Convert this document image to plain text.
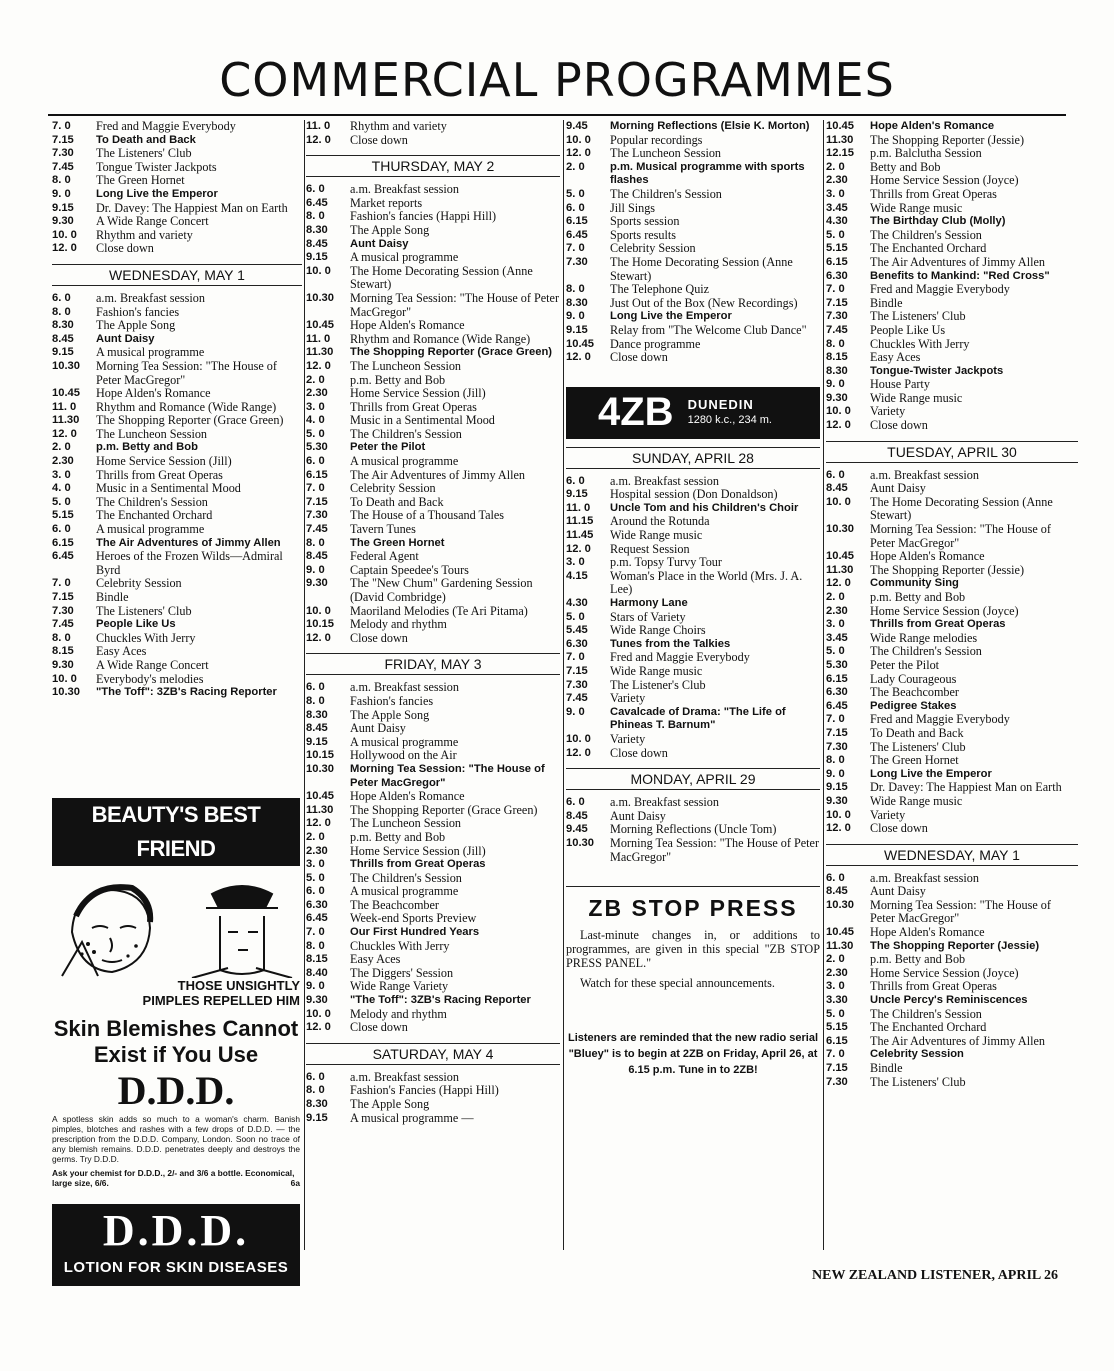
COMMERCIAL PROGRAMMES
7. 0	Fred and Maggie Everybody
7.15	To Death and Back
7.30	The Listeners' Club
7.45	Tongue Twister Jackpots
8. 0	The Green Hornet
9. 0	Long Live the Emperor
9.15	Dr. Davey: The Happiest Man on Earth
9.30	A Wide Range Concert
10. 0	Rhythm and variety
12. 0	Close down
WEDNESDAY, MAY 1
6. 0	a.m. Breakfast session
8. 0	Fashion's fancies
8.30	The Apple Song
8.45	Aunt Daisy
9.15	A musical programme
10.30	Morning Tea Session: "The House of Peter MacGregor"
10.45	Hope Alden's Romance
11. 0	Rhythm and Romance (Wide Range)
11.30	The Shopping Reporter (Grace Green)
12. 0	The Luncheon Session
2. 0	p.m. Betty and Bob
2.30	Home Service Session (Jill)
3. 0	Thrills from Great Operas
4. 0	Music in a Sentimental Mood
5. 0	The Children's Session
5.15	The Enchanted Orchard
6. 0	A musical programme
6.15	The Air Adventures of Jimmy Allen
6.45	Heroes of the Frozen Wilds—Admiral Byrd
7. 0	Celebrity Session
7.15	Bindle
7.30	The Listeners' Club
7.45	People Like Us
8. 0	Chuckles With Jerry
8.15	Easy Aces
9.30	A Wide Range Concert
10. 0	Everybody's melodies
10.30	"The Toff": 3ZB's Racing Reporter
BEAUTY'S BEST FRIEND
THOSE UNSIGHTLY
PIMPLES REPELLED HIM
Skin Blemishes Cannot
Exist if You Use
D.D.D.
A spotless skin adds so much to a woman's charm. Banish pimples, blotches and rashes with a few drops of D.D.D. — the prescription from the D.D.D. Company, London. Soon no trace of any blemish remains. D.D.D. penetrates deeply and destroys the germs. Try D.D.D.
Ask your chemist for D.D.D., 2/- and 3/6 a bottle. Economical, large size, 6/6.	6a
D.D.D.
LOTION FOR SKIN DISEASES
11. 0	Rhythm and variety
12. 0	Close down
THURSDAY, MAY 2
6. 0	a.m. Breakfast session
6.45	Market reports
8. 0	Fashion's fancies (Happi Hill)
8.30	The Apple Song
8.45	Aunt Daisy
9.15	A musical programme
10. 0	The Home Decorating Session (Anne Stewart)
10.30	Morning Tea Session: "The House of Peter MacGregor"
10.45	Hope Alden's Romance
11. 0	Rhythm and Romance (Wide Range)
11.30	The Shopping Reporter (Grace Green)
12. 0	The Luncheon Session
2. 0	p.m. Betty and Bob
2.30	Home Service Session (Jill)
3. 0	Thrills from Great Operas
4. 0	Music in a Sentimental Mood
5. 0	The Children's Session
5.30	Peter the Pilot
6. 0	A musical programme
6.15	The Air Adventures of Jimmy Allen
7. 0	Celebrity Session
7.15	To Death and Back
7.30	The House of a Thousand Tales
7.45	Tavern Tunes
8. 0	The Green Hornet
8.45	Federal Agent
9. 0	Captain Speedee's Tours
9.30	The "New Chum" Gardening Session (David Combridge)
10. 0	Maoriland Melodies (Te Ari Pitama)
10.15	Melody and rhythm
12. 0	Close down
FRIDAY, MAY 3
6. 0	a.m. Breakfast session
8. 0	Fashion's fancies
8.30	The Apple Song
8.45	Aunt Daisy
9.15	A musical programme
10.15	Hollywood on the Air
10.30	Morning Tea Session: "The House of Peter MacGregor"
10.45	Hope Alden's Romance
11.30	The Shopping Reporter (Grace Green)
12. 0	The Luncheon Session
2. 0	p.m. Betty and Bob
2.30	Home Service Session (Jill)
3. 0	Thrills from Great Operas
5. 0	The Children's Session
6. 0	A musical programme
6.30	The Beachcomber
6.45	Week-end Sports Preview
7. 0	Our First Hundred Years
8. 0	Chuckles With Jerry
8.15	Easy Aces
8.40	The Diggers' Session
9. 0	Wide Range Variety
9.30	"The Toff": 3ZB's Racing Reporter
10. 0	Melody and rhythm
12. 0	Close down
SATURDAY, MAY 4
6. 0	a.m. Breakfast session
8. 0	Fashion's Fancies (Happi Hill)
8.30	The Apple Song
9.15	A musical programme —
9.45	Morning Reflections (Elsie K. Morton)
10. 0	Popular recordings
12. 0	The Luncheon Session
2. 0	p.m. Musical programme with sports flashes
5. 0	The Children's Session
6. 0	Jill Sings
6.15	Sports session
6.45	Sports results
7. 0	Celebrity Session
7.30	The Home Decorating Session (Anne Stewart)
8. 0	The Telephone Quiz
8.30	Just Out of the Box (New Recordings)
9. 0	Long Live the Emperor
9.15	Relay from "The Welcome Club Dance"
10.45	Dance programme
12. 0	Close down
4ZB DUNEDIN
1280 k.c., 234 m.
SUNDAY, APRIL 28
6. 0	a.m. Breakfast session
9.15	Hospital session (Don Donaldson)
11. 0	Uncle Tom and his Children's Choir
11.15	Around the Rotunda
11.45	Wide Range music
12. 0	Request Session
3. 0	p.m. Topsy Turvy Tour
4.15	Woman's Place in the World (Mrs. J. A. Lee)
4.30	Harmony Lane
5. 0	Stars of Variety
5.45	Wide Range Choirs
6.30	Tunes from the Talkies
7. 0	Fred and Maggie Everybody
7.15	Wide Range music
7.30	The Listener's Club
7.45	Variety
9. 0	Cavalcade of Drama: "The Life of Phineas T. Barnum"
10. 0	Variety
12. 0	Close down
MONDAY, APRIL 29
6. 0	a.m. Breakfast session
8.45	Aunt Daisy
9.45	Morning Reflections (Uncle Tom)
10.30	Morning Tea Session: "The House of Peter MacGregor"
ZB STOP PRESS

Last-minute changes in, or additions to programmes, are given in this special "ZB STOP PRESS PANEL."

Watch for these special announcements.

Listeners are reminded that the new radio serial "Bluey" is to begin at 2ZB on Friday, April 26, at 6.15 p.m. Tune in to 2ZB!

10.45	Hope Alden's Romance
11.30	The Shopping Reporter (Jessie)
12.15	p.m. Balclutha Session
2. 0	Betty and Bob
2.30	Home Service Session (Joyce)
3. 0	Thrills from Great Operas
3.45	Wide Range music
4.30	The Birthday Club (Molly)
5. 0	The Children's Session
5.15	The Enchanted Orchard
6.15	The Air Adventures of Jimmy Allen
6.30	Benefits to Mankind: "Red Cross"
7. 0	Fred and Maggie Everybody
7.15	Bindle
7.30	The Listeners' Club
7.45	People Like Us
8. 0	Chuckles With Jerry
8.15	Easy Aces
8.30	Tongue-Twister Jackpots
9. 0	House Party
9.30	Wide Range music
10. 0	Variety
12. 0	Close down
TUESDAY, APRIL 30
6. 0	a.m. Breakfast session
8.45	Aunt Daisy
10. 0	The Home Decorating Session (Anne Stewart)
10.30	Morning Tea Session: "The House of Peter MacGregor"
10.45	Hope Alden's Romance
11.30	The Shopping Reporter (Jessie)
12. 0	Community Sing
2. 0	p.m. Betty and Bob
2.30	Home Service Session (Joyce)
3. 0	Thrills from Great Operas
3.45	Wide Range melodies
5. 0	The Children's Session
5.30	Peter the Pilot
6.15	Lady Courageous
6.30	The Beachcomber
6.45	Pedigree Stakes
7. 0	Fred and Maggie Everybody
7.15	To Death and Back
7.30	The Listeners' Club
8. 0	The Green Hornet
9. 0	Long Live the Emperor
9.15	Dr. Davey: The Happiest Man on Earth
9.30	Wide Range music
10. 0	Variety
12. 0	Close down
WEDNESDAY, MAY 1
6. 0	a.m. Breakfast session
8.45	Aunt Daisy
10.30	Morning Tea Session: "The House of Peter MacGregor"
10.45	Hope Alden's Romance
11.30	The Shopping Reporter (Jessie)
2. 0	p.m. Betty and Bob
2.30	Home Service Session (Joyce)
3. 0	Thrills from Great Operas
3.30	Uncle Percy's Reminiscences
5. 0	The Children's Session
5.15	The Enchanted Orchard
6.15	The Air Adventures of Jimmy Allen
7. 0	Celebrity Session
7.15	Bindle
7.30	The Listeners' Club
52	NEW ZEALAND LISTENER, APRIL 26
